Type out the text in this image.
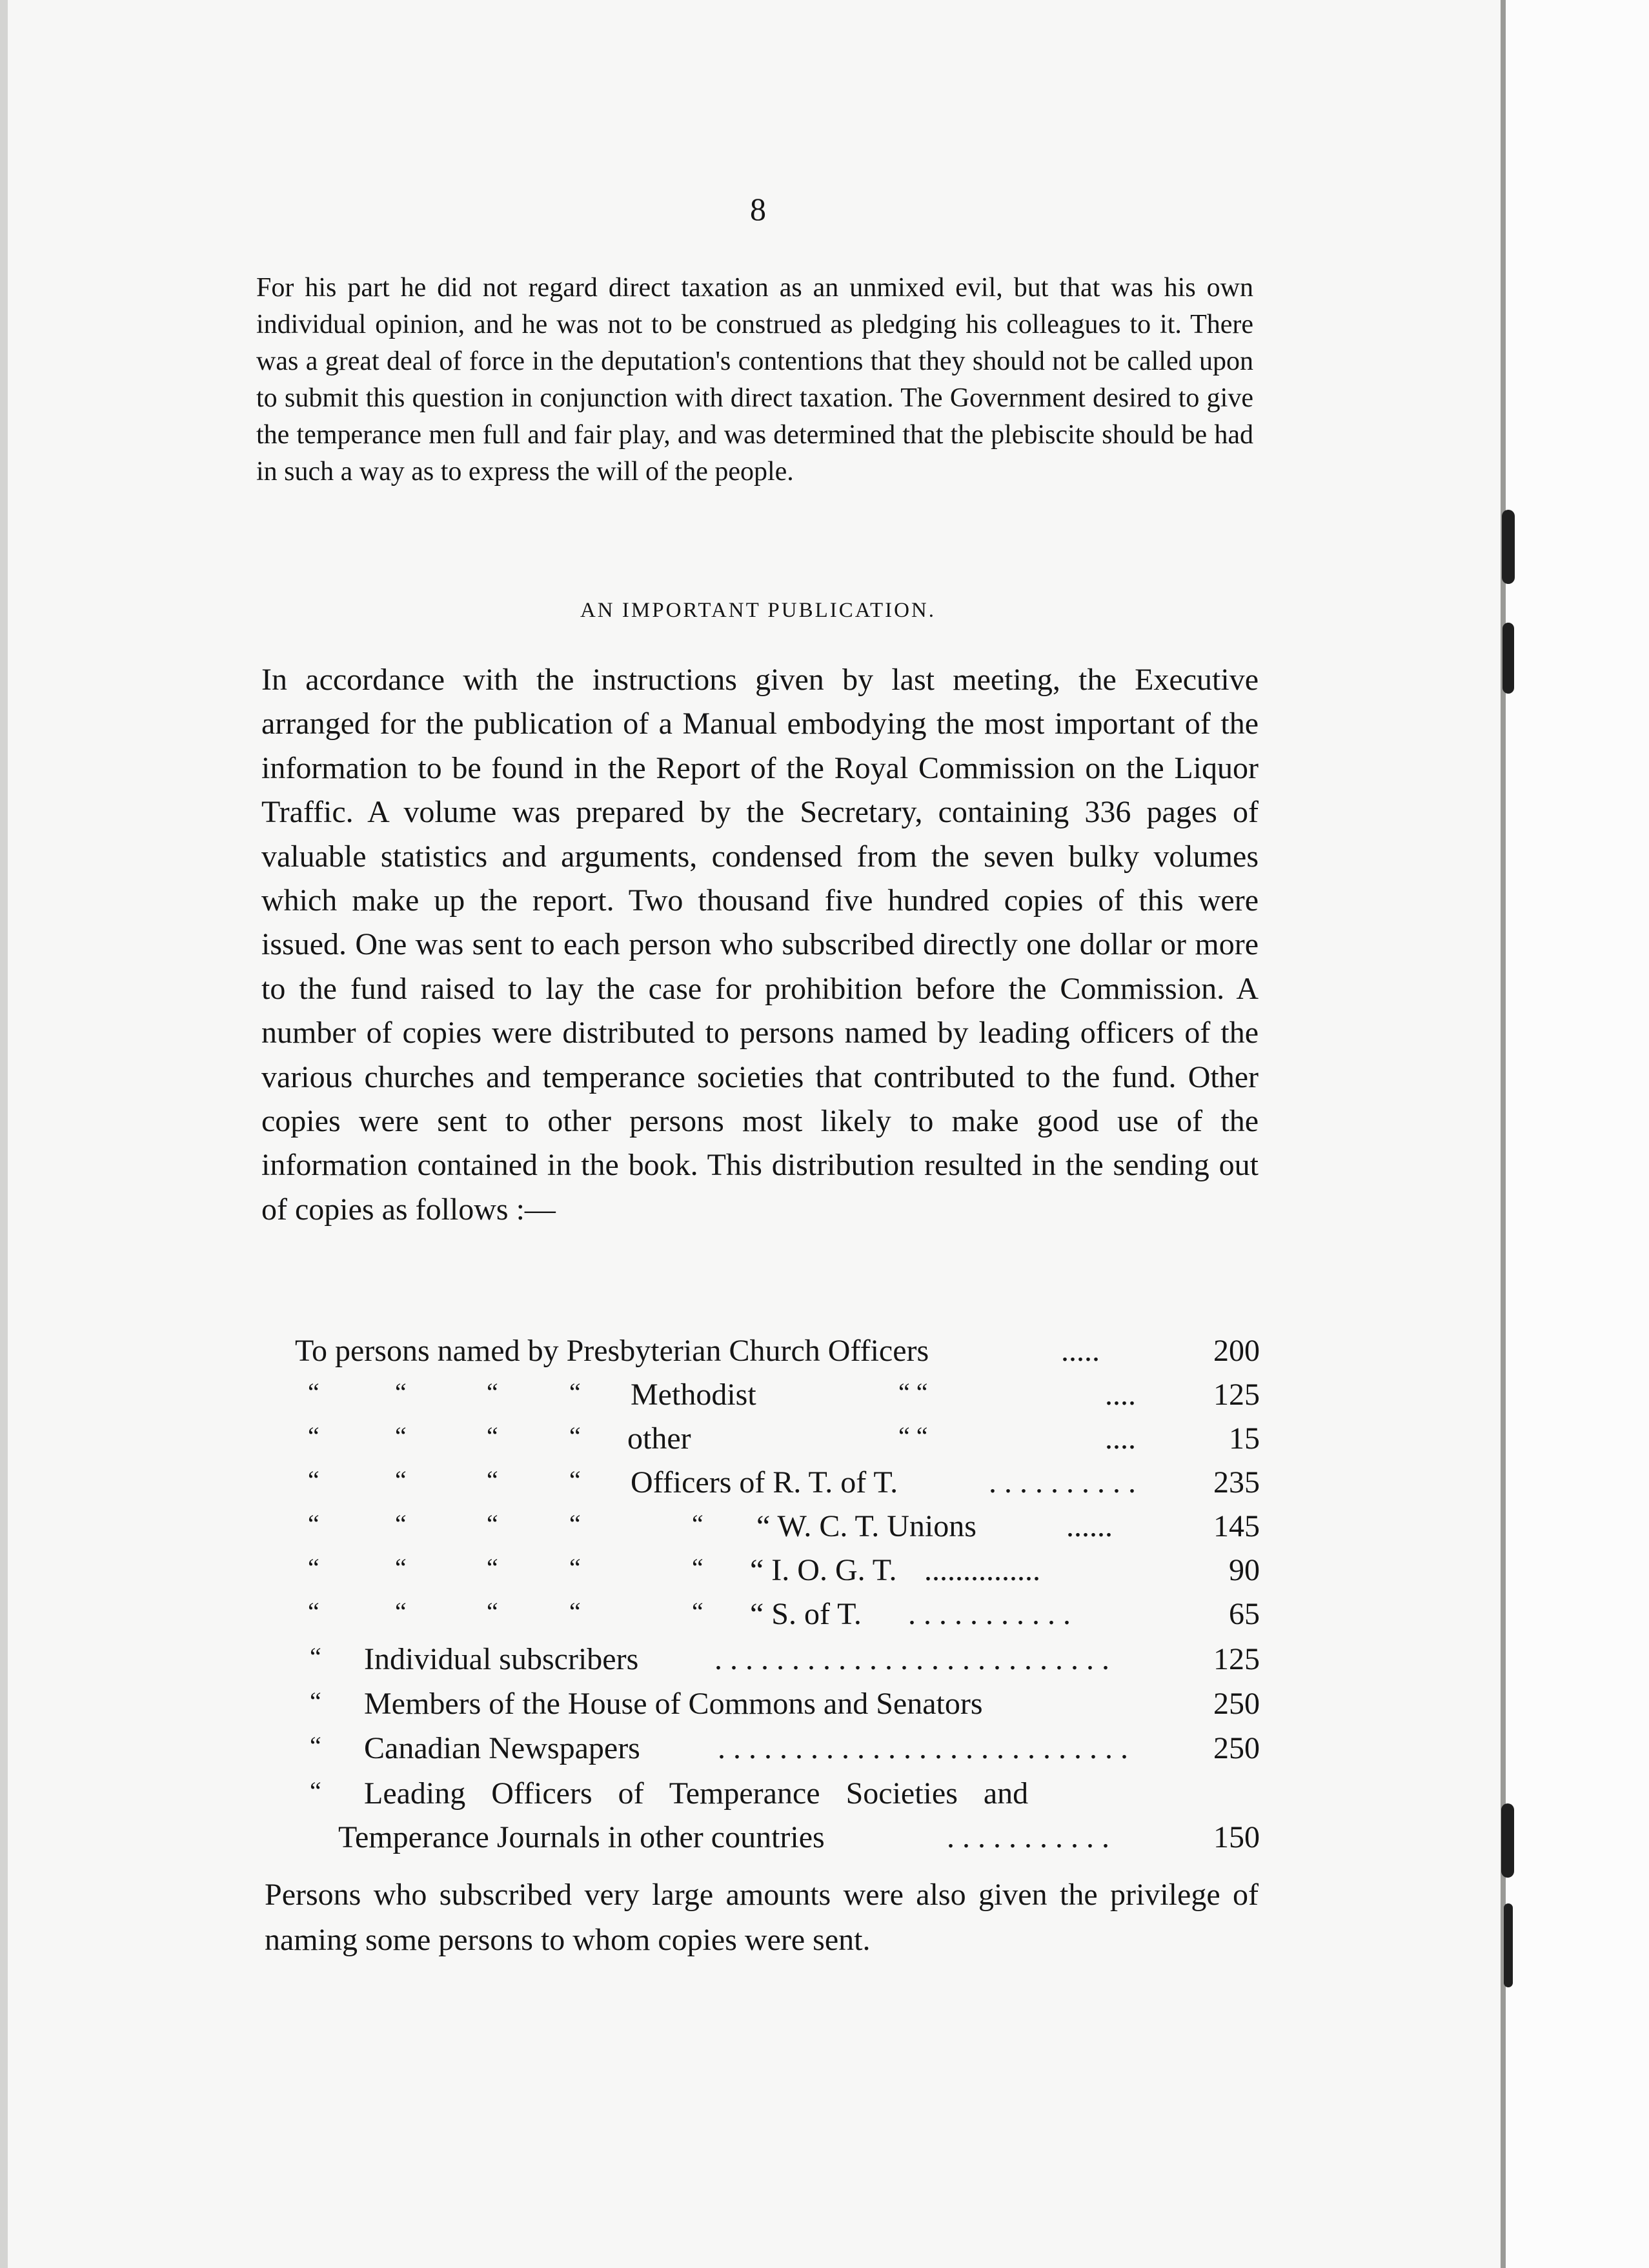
8
For his part he did not regard direct taxation as an unmixed evil, but that was his own individual opinion, and he was not to be construed as pledging his colleagues to it. There was a great deal of force in the deputation's contentions that they should not be called upon to submit this question in conjunction with direct taxation. The Government desired to give the temperance men full and fair play, and was determined that the plebiscite should be had in such a way as to express the will of the people.
AN IMPORTANT PUBLICATION.
In accordance with the instructions given by last meeting, the Executive arranged for the publication of a Manual embodying the most important of the information to be found in the Report of the Royal Commission on the Liquor Traffic. A volume was prepared by the Secretary, containing 336 pages of valuable statistics and arguments, condensed from the seven bulky volumes which make up the report. Two thousand five hundred copies of this were issued. One was sent to each person who subscribed directly one dollar or more to the fund raised to lay the case for prohibition before the Commission. A number of copies were distributed to persons named by leading officers of the various churches and temperance societies that contributed to the fund. Other copies were sent to other persons most likely to make good use of the information contained in the book. This distribution resulted in the sending out of copies as follows :—
To persons named by Presbyterian Church Officers	.....	200
“	“	“	“ Methodist	“ “	....	125
“	“	“	“ other	“ “	....	15
“	“	“	“ Officers of R. T. of T.	. . . . . . . . . .	235
“	“	“	“	“ “ W. C. T. Unions	......	145
“	“	“	“	“ “ I. O. G. T. ...............	90
“	“	“	“	“ “ S. of T. . . . . . . . . . . .	65
“ Individual subscribers . . . . . . . . . . . . . . . . . . . . . . . . . .	125
“ Members of the House of Commons and Senators	250
“ Canadian Newspapers	. . . . . . . . . . . . . . . . . . . . . . . . . . .	250
“ Leading Officers of Temperance Societies and
Temperance Journals in other countries	. . . . . . . . . . .	150
Persons who subscribed very large amounts were also given the privilege of naming some persons to whom copies were sent.
